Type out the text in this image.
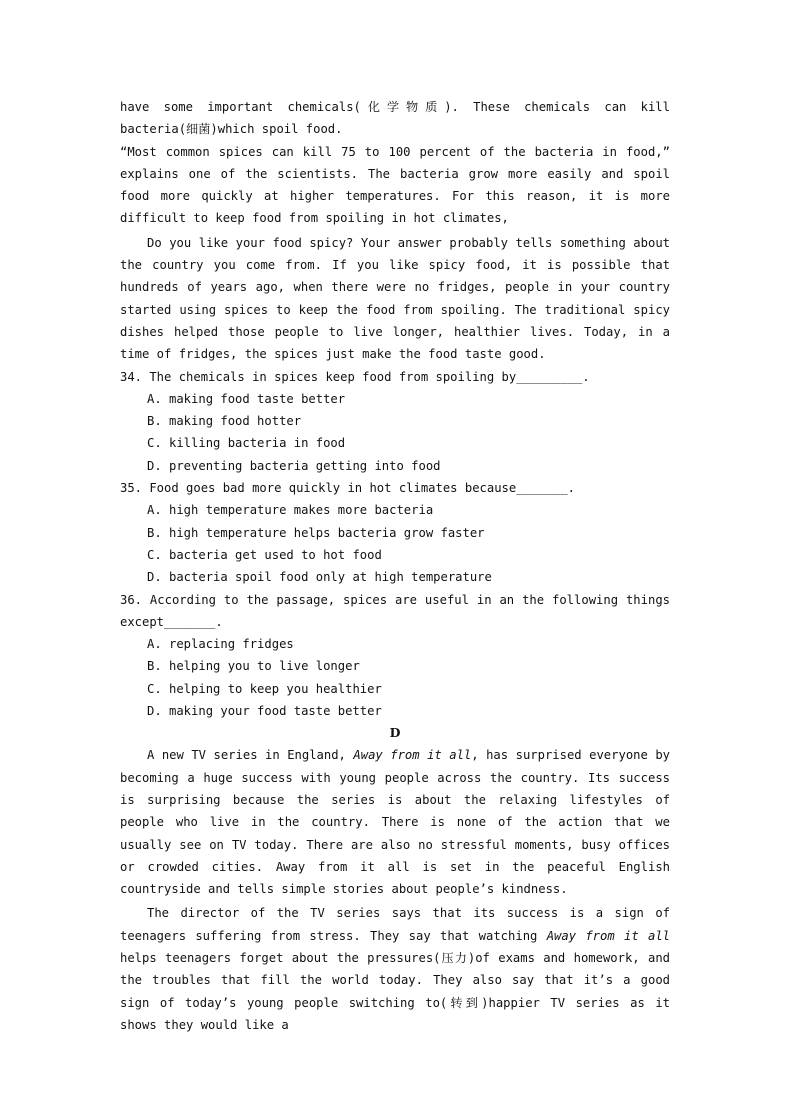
have some important chemicals(化学物质). These chemicals can kill bacteria(细菌)which spoil food.

“Most common spices can kill 75 to 100 percent of the bacteria in food,” explains one of the scientists. The bacteria grow more easily and spoil food more quickly at higher temperatures. For this reason, it is more difficult to keep food from spoiling in hot climates,

Do you like your food spicy? Your answer probably tells something about the country you come from. If you like spicy food, it is possible that hundreds of years ago, when there were no fridges, people in your country started using spices to keep the food from spoiling. The traditional spicy dishes helped those people to live longer, healthier lives. Today, in a time of fridges, the spices just make the food taste good.

34. The chemicals in spices keep food from spoiling by_________.
A. making food taste better
B. making food hotter
C. killing bacteria in food
D. preventing bacteria getting into food
35. Food goes bad more quickly in hot climates because_______.
A. high temperature makes more bacteria
B. high temperature helps bacteria grow faster
C. bacteria get used to hot food
D. bacteria spoil food only at high temperature
36. According to the passage, spices are useful in an the following things except_______.
A. replacing fridges
B. helping you to live longer
C. helping to keep you healthier
D. making your food taste better
D

A new TV series in England, Away from it all, has surprised everyone by becoming a huge success with young people across the country. Its success is surprising because the series is about the relaxing lifestyles of people who live in the country. There is none of the action that we usually see on TV today. There are also no stressful moments, busy offices or crowded cities. Away from it all is set in the peaceful English countryside and tells simple stories about people’s kindness.

The director of the TV series says that its success is a sign of teenagers suffering from stress. They say that watching Away from it all helps teenagers forget about the pressures(压力)of exams and homework, and the troubles that fill the world today. They also say that it’s a good sign of today’s young people switching to(转到)happier TV series as it shows they would like a
